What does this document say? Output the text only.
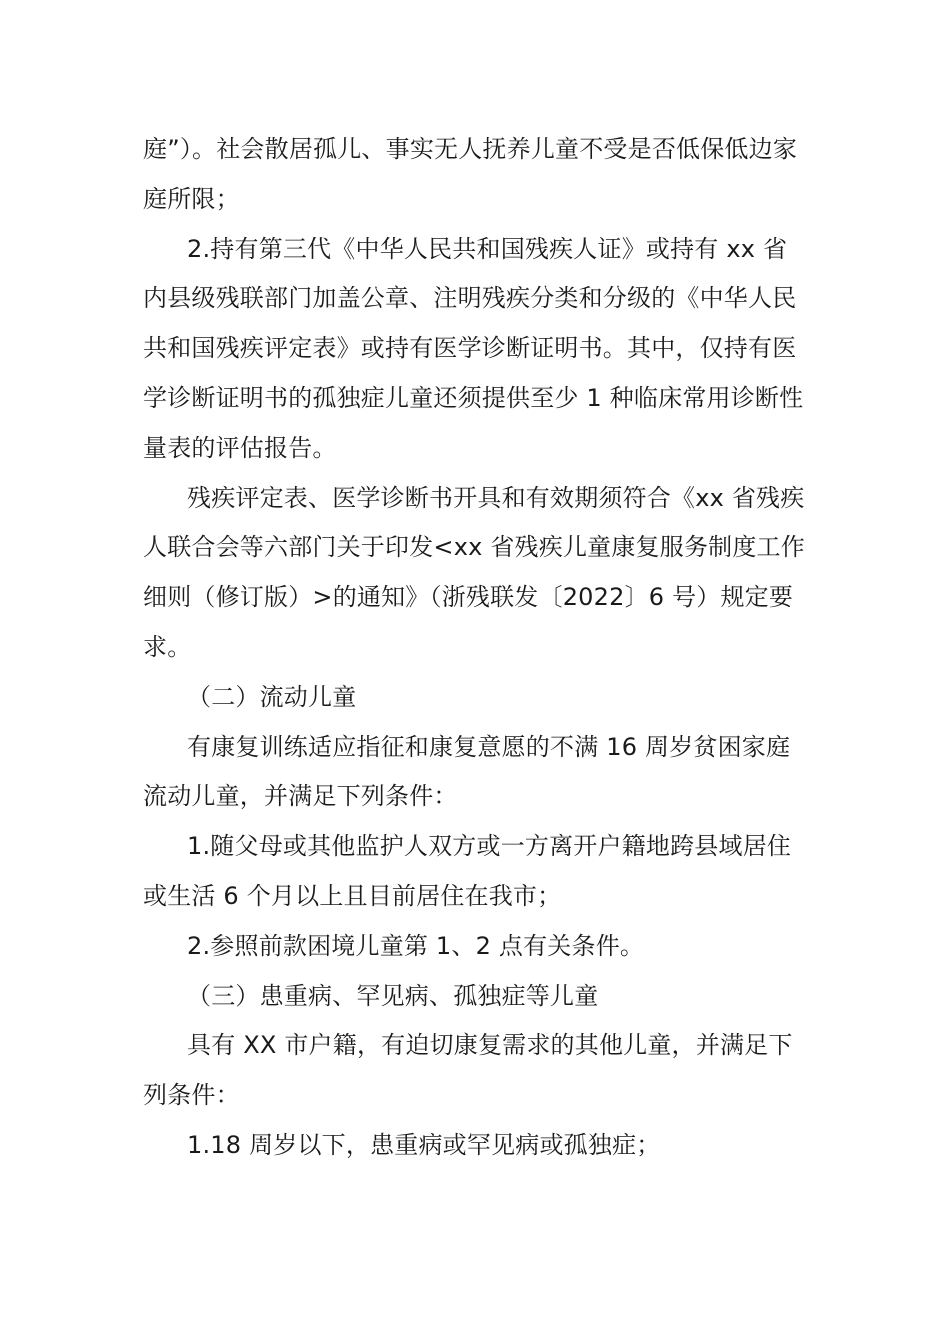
庭”）。社会散居孤儿、事实无人抚养儿童不受是否低保低边家庭所限；

2.持有第三代《中华人民共和国残疾人证》或持有 xx 省内县级残联部门加盖公章、注明残疾分类和分级的《中华人民共和国残疾评定表》或持有医学诊断证明书。其中，仅持有医学诊断证明书的孤独症儿童还须提供至少 1 种临床常用诊断性量表的评估报告。

残疾评定表、医学诊断书开具和有效期须符合《xx 省残疾人联合会等六部门关于印发<xx 省残疾儿童康复服务制度工作细则（修订版）>的通知》（浙残联发〔2022〕6 号）规定要求。

（二）流动儿童

有康复训练适应指征和康复意愿的不满 16 周岁贫困家庭流动儿童，并满足下列条件：

1.随父母或其他监护人双方或一方离开户籍地跨县域居住或生活 6 个月以上且目前居住在我市；

2.参照前款困境儿童第 1、2 点有关条件。

（三）患重病、罕见病、孤独症等儿童

具有 XX 市户籍，有迫切康复需求的其他儿童，并满足下列条件：

1.18 周岁以下，患重病或罕见病或孤独症；
